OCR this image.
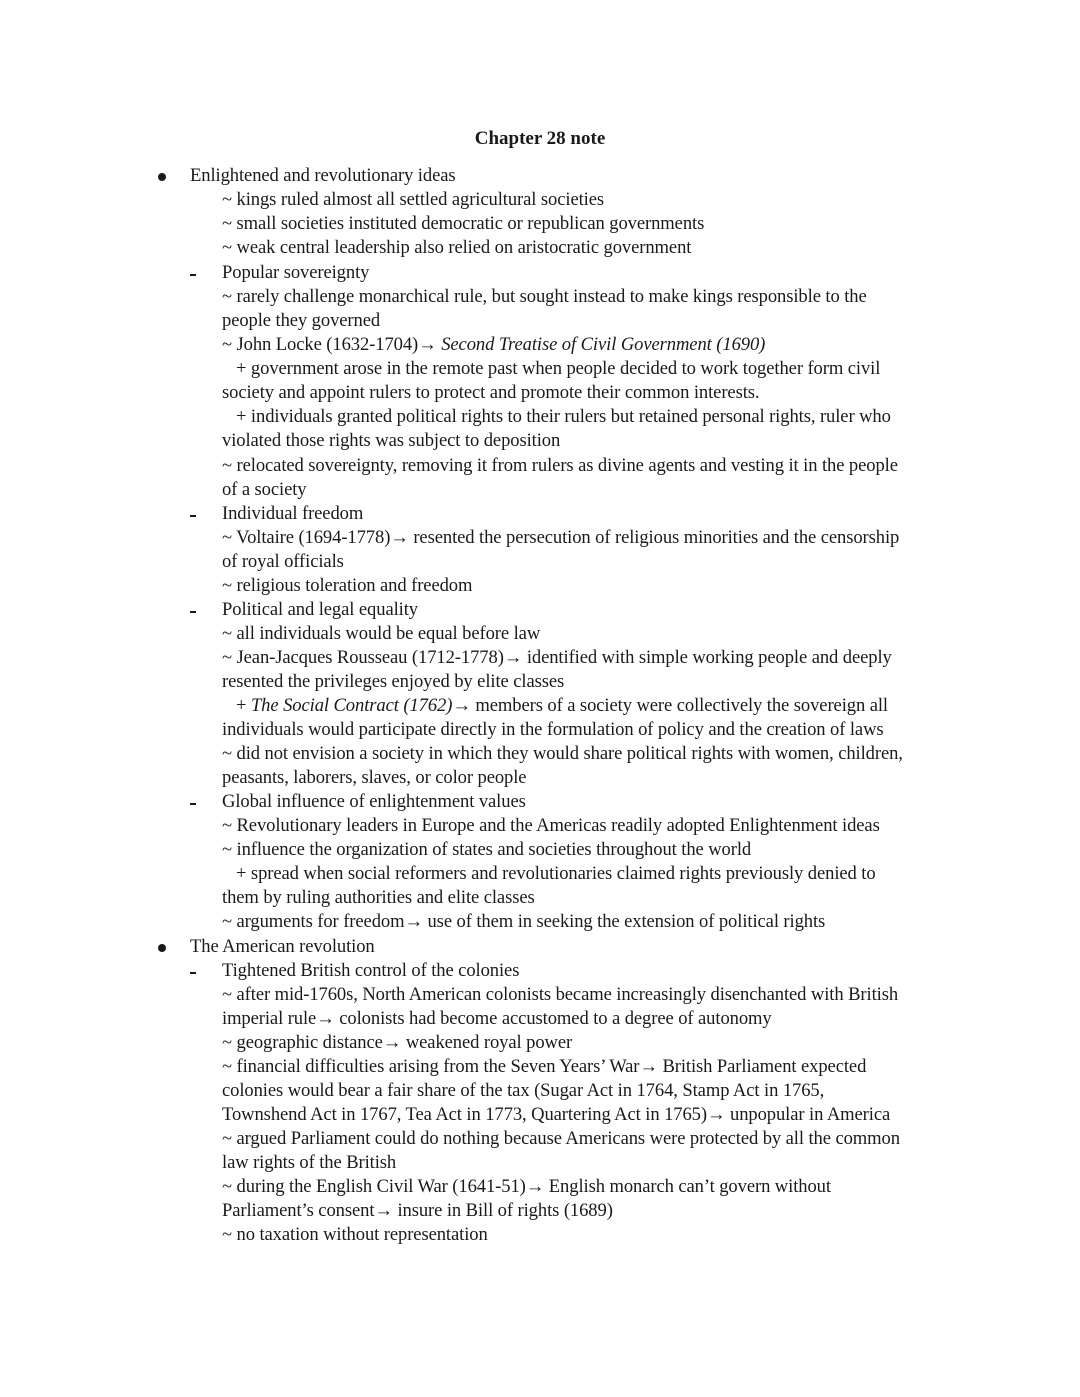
Chapter 28 note
Enlightened and revolutionary ideas
~ kings ruled almost all settled agricultural societies
~ small societies instituted democratic or republican governments
~ weak central leadership also relied on aristocratic government
Popular sovereignty
~ rarely challenge monarchical rule, but sought instead to make kings responsible to the
people they governed
~ John Locke (1632-1704)→ Second Treatise of Civil Government (1690)
+ government arose in the remote past when people decided to work together form civil
society and appoint rulers to protect and promote their common interests.
+ individuals granted political rights to their rulers but retained personal rights, ruler who
violated those rights was subject to deposition
~ relocated sovereignty, removing it from rulers as divine agents and vesting it in the people
of a society
Individual freedom
~ Voltaire (1694-1778)→ resented the persecution of religious minorities and the censorship
of royal officials
~ religious toleration and freedom
Political and legal equality
~ all individuals would be equal before law
~ Jean-Jacques Rousseau (1712-1778)→ identified with simple working people and deeply
resented the privileges enjoyed by elite classes
+ The Social Contract (1762)→ members of a society were collectively the sovereign all
individuals would participate directly in the formulation of policy and the creation of laws
~ did not envision a society in which they would share political rights with women, children,
peasants, laborers, slaves, or color people
Global influence of enlightenment values
~ Revolutionary leaders in Europe and the Americas readily adopted Enlightenment ideas
~ influence the organization of states and societies throughout the world
+ spread when social reformers and revolutionaries claimed rights previously denied to
them by ruling authorities and elite classes
~ arguments for freedom→ use of them in seeking the extension of political rights
The American revolution
Tightened British control of the colonies
~ after mid-1760s, North American colonists became increasingly disenchanted with British
imperial rule→ colonists had become accustomed to a degree of autonomy
~ geographic distance→ weakened royal power
~ financial difficulties arising from the Seven Years’ War→ British Parliament expected
colonies would bear a fair share of the tax (Sugar Act in 1764, Stamp Act in 1765,
Townshend Act in 1767, Tea Act in 1773, Quartering Act in 1765)→ unpopular in America
~ argued Parliament could do nothing because Americans were protected by all the common
law rights of the British
~ during the English Civil War (1641-51)→ English monarch can’t govern without
Parliament’s consent→ insure in Bill of rights (1689)
~ no taxation without representation
